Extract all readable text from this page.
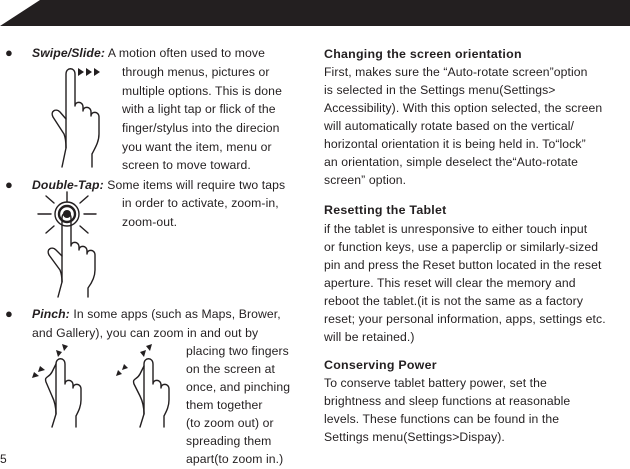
● Swipe/Slide: A motion often used to move
through menus, pictures or
multiple options. This is done
with a light tap or flick of the
finger/stylus into the direcion
you want the item, menu or
screen to move toward.
● Double-Tap: Some items will require two taps
in order to activate, zoom-in,
zoom-out.
● Pinch: In some apps (such as Maps, Brower,
and Gallery), you can zoom in and out by
placing two fingers
on the screen at
once, and pinching
them together
(to zoom out) or
spreading them
apart(to zoom in.)
5
Changing the screen orientation
First, makes sure the “Auto-rotate screen”option
is selected in the Settings menu(Settings>
Accessibility). With this option selected, the screen
will automatically rotate based on the vertical/
horizontal orientation it is being held in. To“lock”
an orientation, simple deselect the“Auto-rotate
screen” option.
Resetting the Tablet
if the tablet is unresponsive to either touch input
or function keys, use a paperclip or similarly-sized
pin and press the Reset button located in the reset
aperture. This reset will clear the memory and
reboot the tablet.(it is not the same as a factory
reset; your personal information, apps, settings etc.
will be retained.)
Conserving Power
To conserve tablet battery power, set the
brightness and sleep functions at reasonable
levels. These functions can be found in the
Settings menu(Settings>Dispay).
